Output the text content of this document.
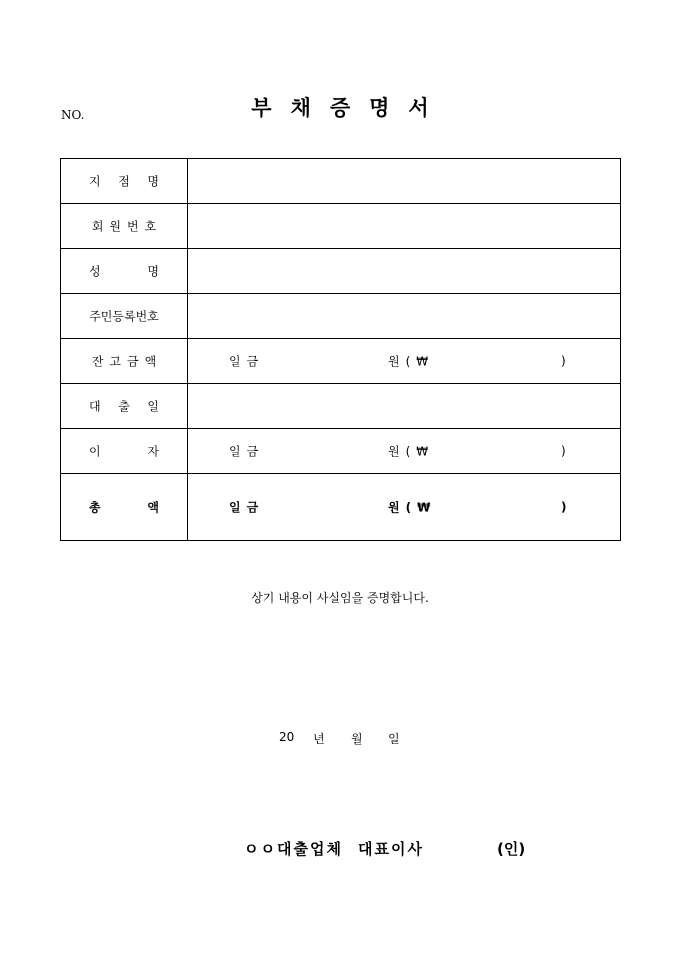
NO.	부채증명서
지 점 명	

회원번호	

성 명	

주민등록번호	

잔고금액	일금 원 ( ₩ )

대 출 일	

이 자	일금 원 ( ₩ )

총 액	일금 원 ( ₩ )
상기 내용이 사실임을 증명합니다.
20 년 월 일
ㅇㅇ대출업체 대표이사	(인)
